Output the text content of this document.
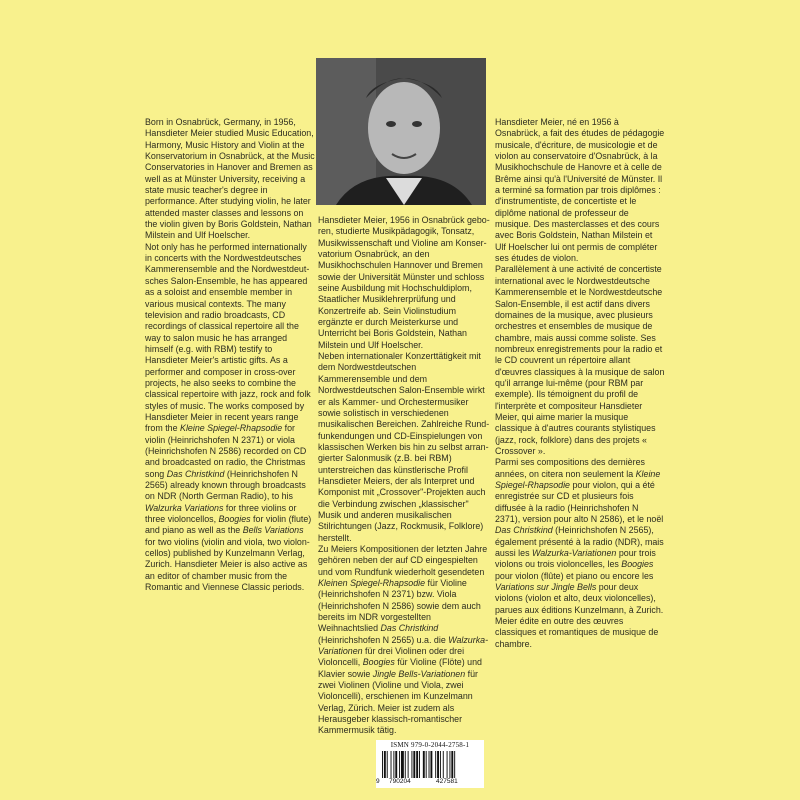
Born in Osnabrück, Germany, in 1956, Hansdieter Meier studied Music Education, Harmony, Music History and Violin at the Konservatorium in Osnabrück, at the Music Conservatories in Hanover and Bremen as well as at Münster University, receiving a state music teacher's degree in performance. After studying violin, he later attended master classes and lessons on the violin given by Boris Goldstein, Nathan Milstein and Ulf Hoelscher.

Not only has he performed internationally in concerts with the Nordwestdeutsches Kammerensemble and the Nordwestdeutsches Salon-Ensemble, he has appeared as a soloist and ensemble member in various musical contexts. The many television and radio broadcasts, CD recordings of classical repertoire all the way to salon music he has arranged himself (e.g. with RBM) testify to Hansdieter Meier's artistic gifts. As a performer and composer in cross-over projects, he also seeks to combine the classical repertoire with jazz, rock and folk styles of music. The works composed by Hansdieter Meier in recent years range from the Kleine Spiegel-Rhapsodie for violin (Heinrichshofen N 2371) or viola (Heinrichshofen N 2586) recorded on CD and broadcasted on radio, the Christmas song Das Christkind (Heinrichshofen N 2565) already known through broadcasts on NDR (North German Radio), to his Walzurka Variations for three violins or three violoncellos, Boogies for violin (flute) and piano as well as the Bells Variations for two violins (violin and viola, two violoncellos) published by Kunzelmann Verlag, Zurich. Hansdieter Meier is also active as an editor of chamber music from the Romantic and Viennese Classic periods.

Hansdieter Meier, 1956 in Osnabrück geboren, studierte Musikpädagogik, Tonsatz, Musikwissenschaft und Violine am Konservatorium Osnabrück, an den Musikhochschulen Hannover und Bremen sowie der Universität Münster und schloss seine Ausbildung mit Hochschuldiplom, Staatlicher Musiklehrerprüfung und Konzertreife ab. Sein Violinstudium ergänzte er durch Meisterkurse und Unterricht bei Boris Goldstein, Nathan Milstein und Ulf Hoelscher.

Neben internationaler Konzerttätigkeit mit dem Nordwestdeutschen Kammerensemble und dem Nordwestdeutschen Salon-Ensemble wirkt er als Kammer- und Orchestermusiker sowie solistisch in verschiedenen musikalischen Bereichen. Zahlreiche Rundfunkendungen und CD-Einspielungen von klassischen Werken bis hin zu selbst arrangierter Salonmusik (z.B. bei RBM) unterstreichen das künstlerische Profil Hansdieter Meiers, der als Interpret und Komponist mit „Crossover"-Projekten auch die Verbindung zwischen „klassischer" Musik und anderen musikalischen Stilrichtungen (Jazz, Rockmusik, Folklore) herstellt.

Zu Meiers Kompositionen der letzten Jahre gehören neben der auf CD eingespielten und vom Rundfunk wiederholt gesendeten Kleinen Spiegel-Rhapsodie für Violine (Heinrichshofen N 2371) bzw. Viola (Heinrichshofen N 2586) sowie dem auch bereits im NDR vorgestellten Weihnachtslied Das Christkind (Heinrichshofen N 2565) u.a. die Walzurka-Variationen für drei Violinen oder drei Violoncelli, Boogies für Violine (Flöte) und Klavier sowie Jingle Bells-Variationen für zwei Violinen (Violine und Viola, zwei Violoncelli), erschienen im Kunzelmann Verlag, Zürich. Meier ist zudem als Herausgeber klassisch-romantischer Kammermusik tätig.

Hansdieter Meier, né en 1956 à Osnabrück, a fait des études de pédagogie musicale, d'écriture, de musicologie et de violon au conservatoire d'Osnabrück, à la Musikhochschule de Hanovre et à celle de Brême ainsi qu'à l'Université de Münster. Il a terminé sa formation par trois diplômes : d'instrumentiste, de concertiste et le diplôme national de professeur de musique. Des masterclasses et des cours avec Boris Goldstein, Nathan Milstein et Ulf Hoelscher lui ont permis de compléter ses études de violon.

Parallèlement à une activité de concertiste international avec le Nordwestdeutsche Kammerensemble et le Nordwestdeutsche Salon-Ensemble, il est actif dans divers domaines de la musique, avec plusieurs orchestres et ensembles de musique de chambre, mais aussi comme soliste. Ses nombreux enregistrements pour la radio et le CD couvrent un répertoire allant d'œuvres classiques à la musique de salon qu'il arrange lui-même (pour RBM par exemple). Ils témoignent du profil de l'interprète et compositeur Hansdieter Meier, qui aime marier la musique classique à d'autres courants stylistiques (jazz, rock, folklore) dans des projets « Crossover ».

Parmi ses compositions des dernières années, on citera non seulement la Kleine Spiegel-Rhapsodie pour violon, qui a été enregistrée sur CD et plusieurs fois diffusée à la radio (Heinrichshofen N 2371), version pour alto N 2586), et le noël Das Christkind (Heinrichshofen N 2565), également présenté à la radio (NDR), mais aussi les Walzurka-Variationen pour trois violons ou trois violoncelles, les Boogies pour violon (flûte) et piano ou encore les Variations sur Jingle Bells pour deux violons (violon et alto, deux violoncelles), parues aux éditions Kunzelmann, à Zurich. Meier édite en outre des œuvres classiques et romantiques de musique de chambre.

ISMN 979-0-2044-2758-1
9 790204	427581
